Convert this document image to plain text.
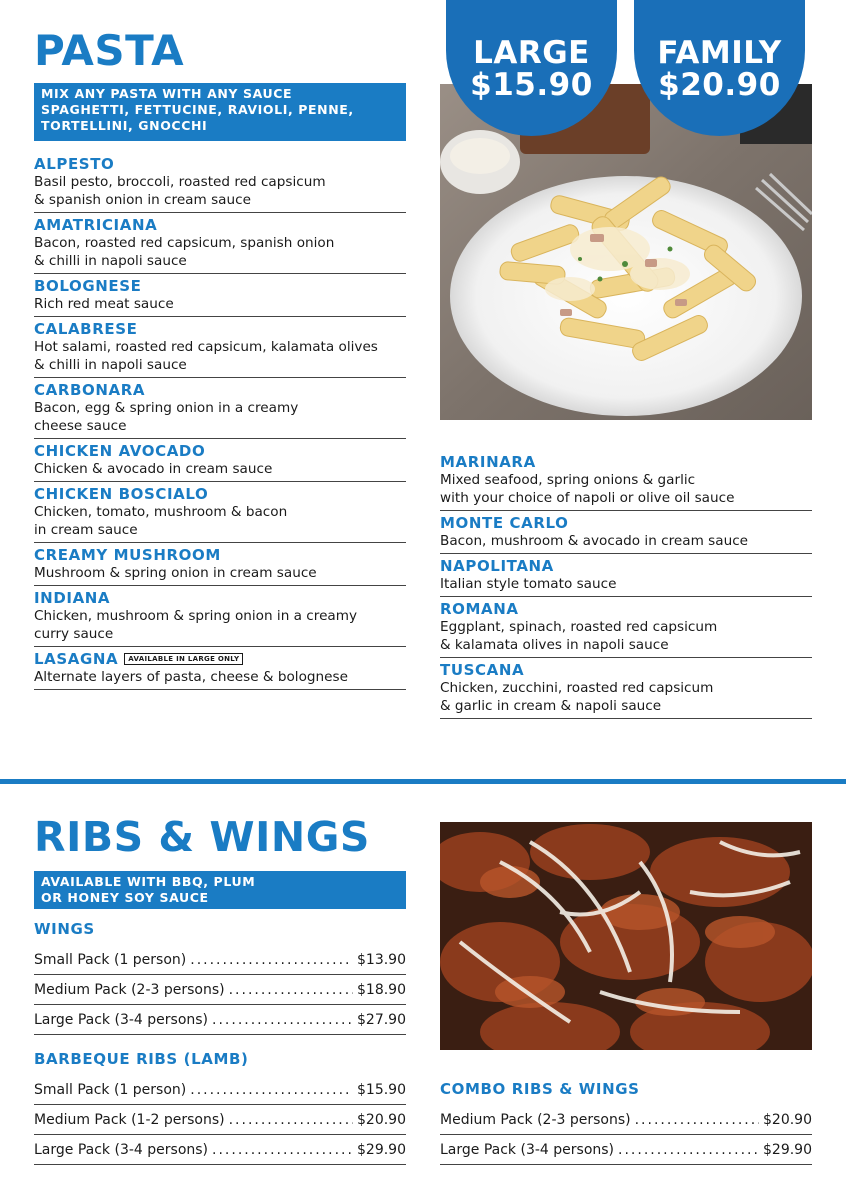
PASTA
MIX ANY PASTA WITH ANY SAUCE
SPAGHETTI, FETTUCINE, RAVIOLI, PENNE,
TORTELLINI, GNOCCHI
ALPESTO
Basil pesto, broccoli, roasted red capsicum
& spanish onion in cream sauce
AMATRICIANA
Bacon, roasted red capsicum, spanish onion
& chilli in napoli sauce
BOLOGNESE
Rich red meat sauce
CALABRESE
Hot salami, roasted red capsicum, kalamata olives
& chilli in napoli sauce
CARBONARA
Bacon, egg & spring onion in a creamy
cheese sauce
CHICKEN AVOCADO
Chicken & avocado in cream sauce
CHICKEN BOSCIALO
Chicken, tomato, mushroom & bacon
in cream sauce
CREAMY MUSHROOM
Mushroom & spring onion in cream sauce
INDIANA
Chicken, mushroom & spring onion in a creamy
curry sauce
LASAGNA AVAILABLE IN LARGE ONLY
Alternate layers of pasta, cheese & bolognese
LARGE
$15.90
FAMILY
$20.90
MARINARA
Mixed seafood, spring onions & garlic
with your choice of napoli or olive oil sauce
MONTE CARLO
Bacon, mushroom & avocado in cream sauce
NAPOLITANA
Italian style tomato sauce
ROMANA
Eggplant, spinach, roasted red capsicum
& kalamata olives in napoli sauce
TUSCANA
Chicken, zucchini, roasted red capsicum
& garlic in cream & napoli sauce
RIBS & WINGS
AVAILABLE WITH BBQ, PLUM
OR HONEY SOY SAUCE
WINGS
Small Pack (1 person) .....	$13.90
Medium Pack (2-3 persons) .....	$18.90
Large Pack (3-4 persons) .....	$27.90
BARBEQUE RIBS (LAMB)
Small Pack (1 person) .....	$15.90
Medium Pack (1-2 persons) .....	$20.90
Large Pack (3-4 persons) .....	$29.90
COMBO RIBS & WINGS
Medium Pack (2-3 persons) .....	$20.90
Large Pack (3-4 persons) .....	$29.90
